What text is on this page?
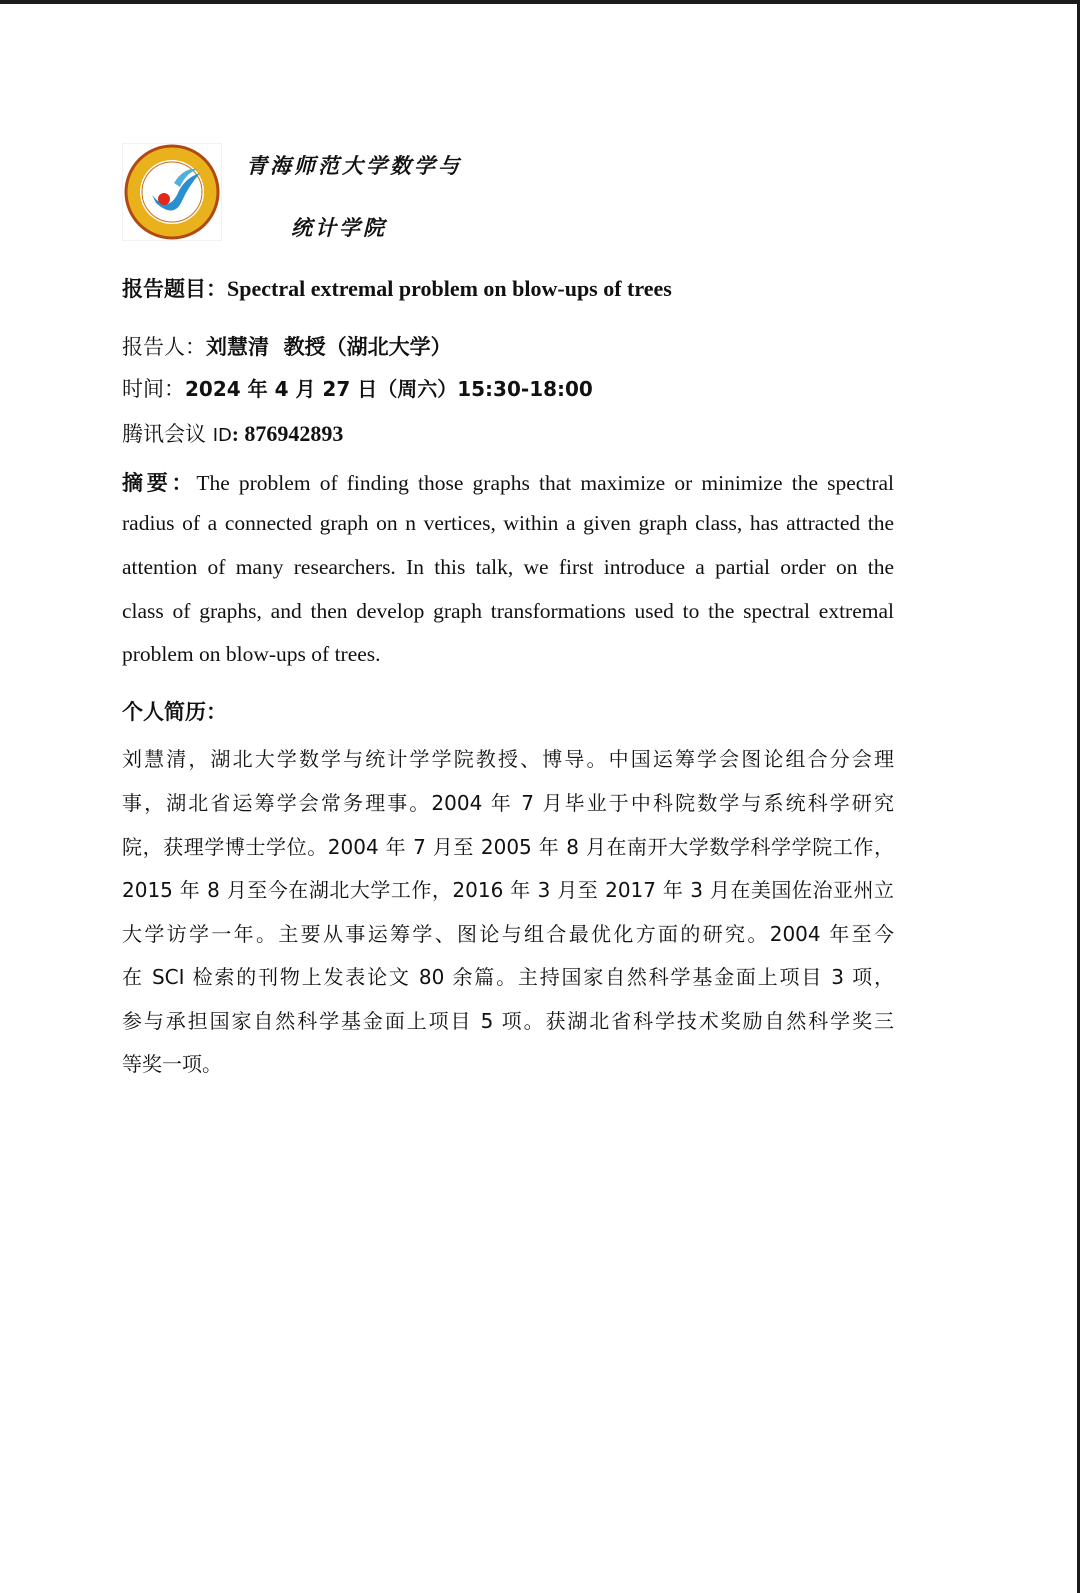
青海师范大学数学与
统计学院
报告题目：Spectral extremal problem on blow-ups of trees
报告人：刘慧清  教授（湖北大学）
时间：2024 年 4 月 27 日（周六）15:30-18:00
腾讯会议 ID: 876942893
摘要：The problem of finding those graphs that maximize or minimize the spectral
radius of a connected graph on n vertices, within a given graph class, has attracted the
attention of many researchers. In this talk, we first introduce a partial order on the
class of graphs, and then develop graph transformations used to the spectral extremal
problem on blow-ups of trees.
个人简历：
刘慧清，湖北大学数学与统计学学院教授、博导。中国运筹学会图论组合分会理
事，湖北省运筹学会常务理事。2004 年 7 月毕业于中科院数学与系统科学研究
院，获理学博士学位。2004 年 7 月至 2005 年 8 月在南开大学数学科学学院工作，
2015 年 8 月至今在湖北大学工作，2016 年 3 月至 2017 年 3 月在美国佐治亚州立
大学访学一年。主要从事运筹学、图论与组合最优化方面的研究。2004 年至今
在 SCI 检索的刊物上发表论文 80 余篇。主持国家自然科学基金面上项目 3 项，
参与承担国家自然科学基金面上项目 5 项。获湖北省科学技术奖励自然科学奖三
等奖一项。
